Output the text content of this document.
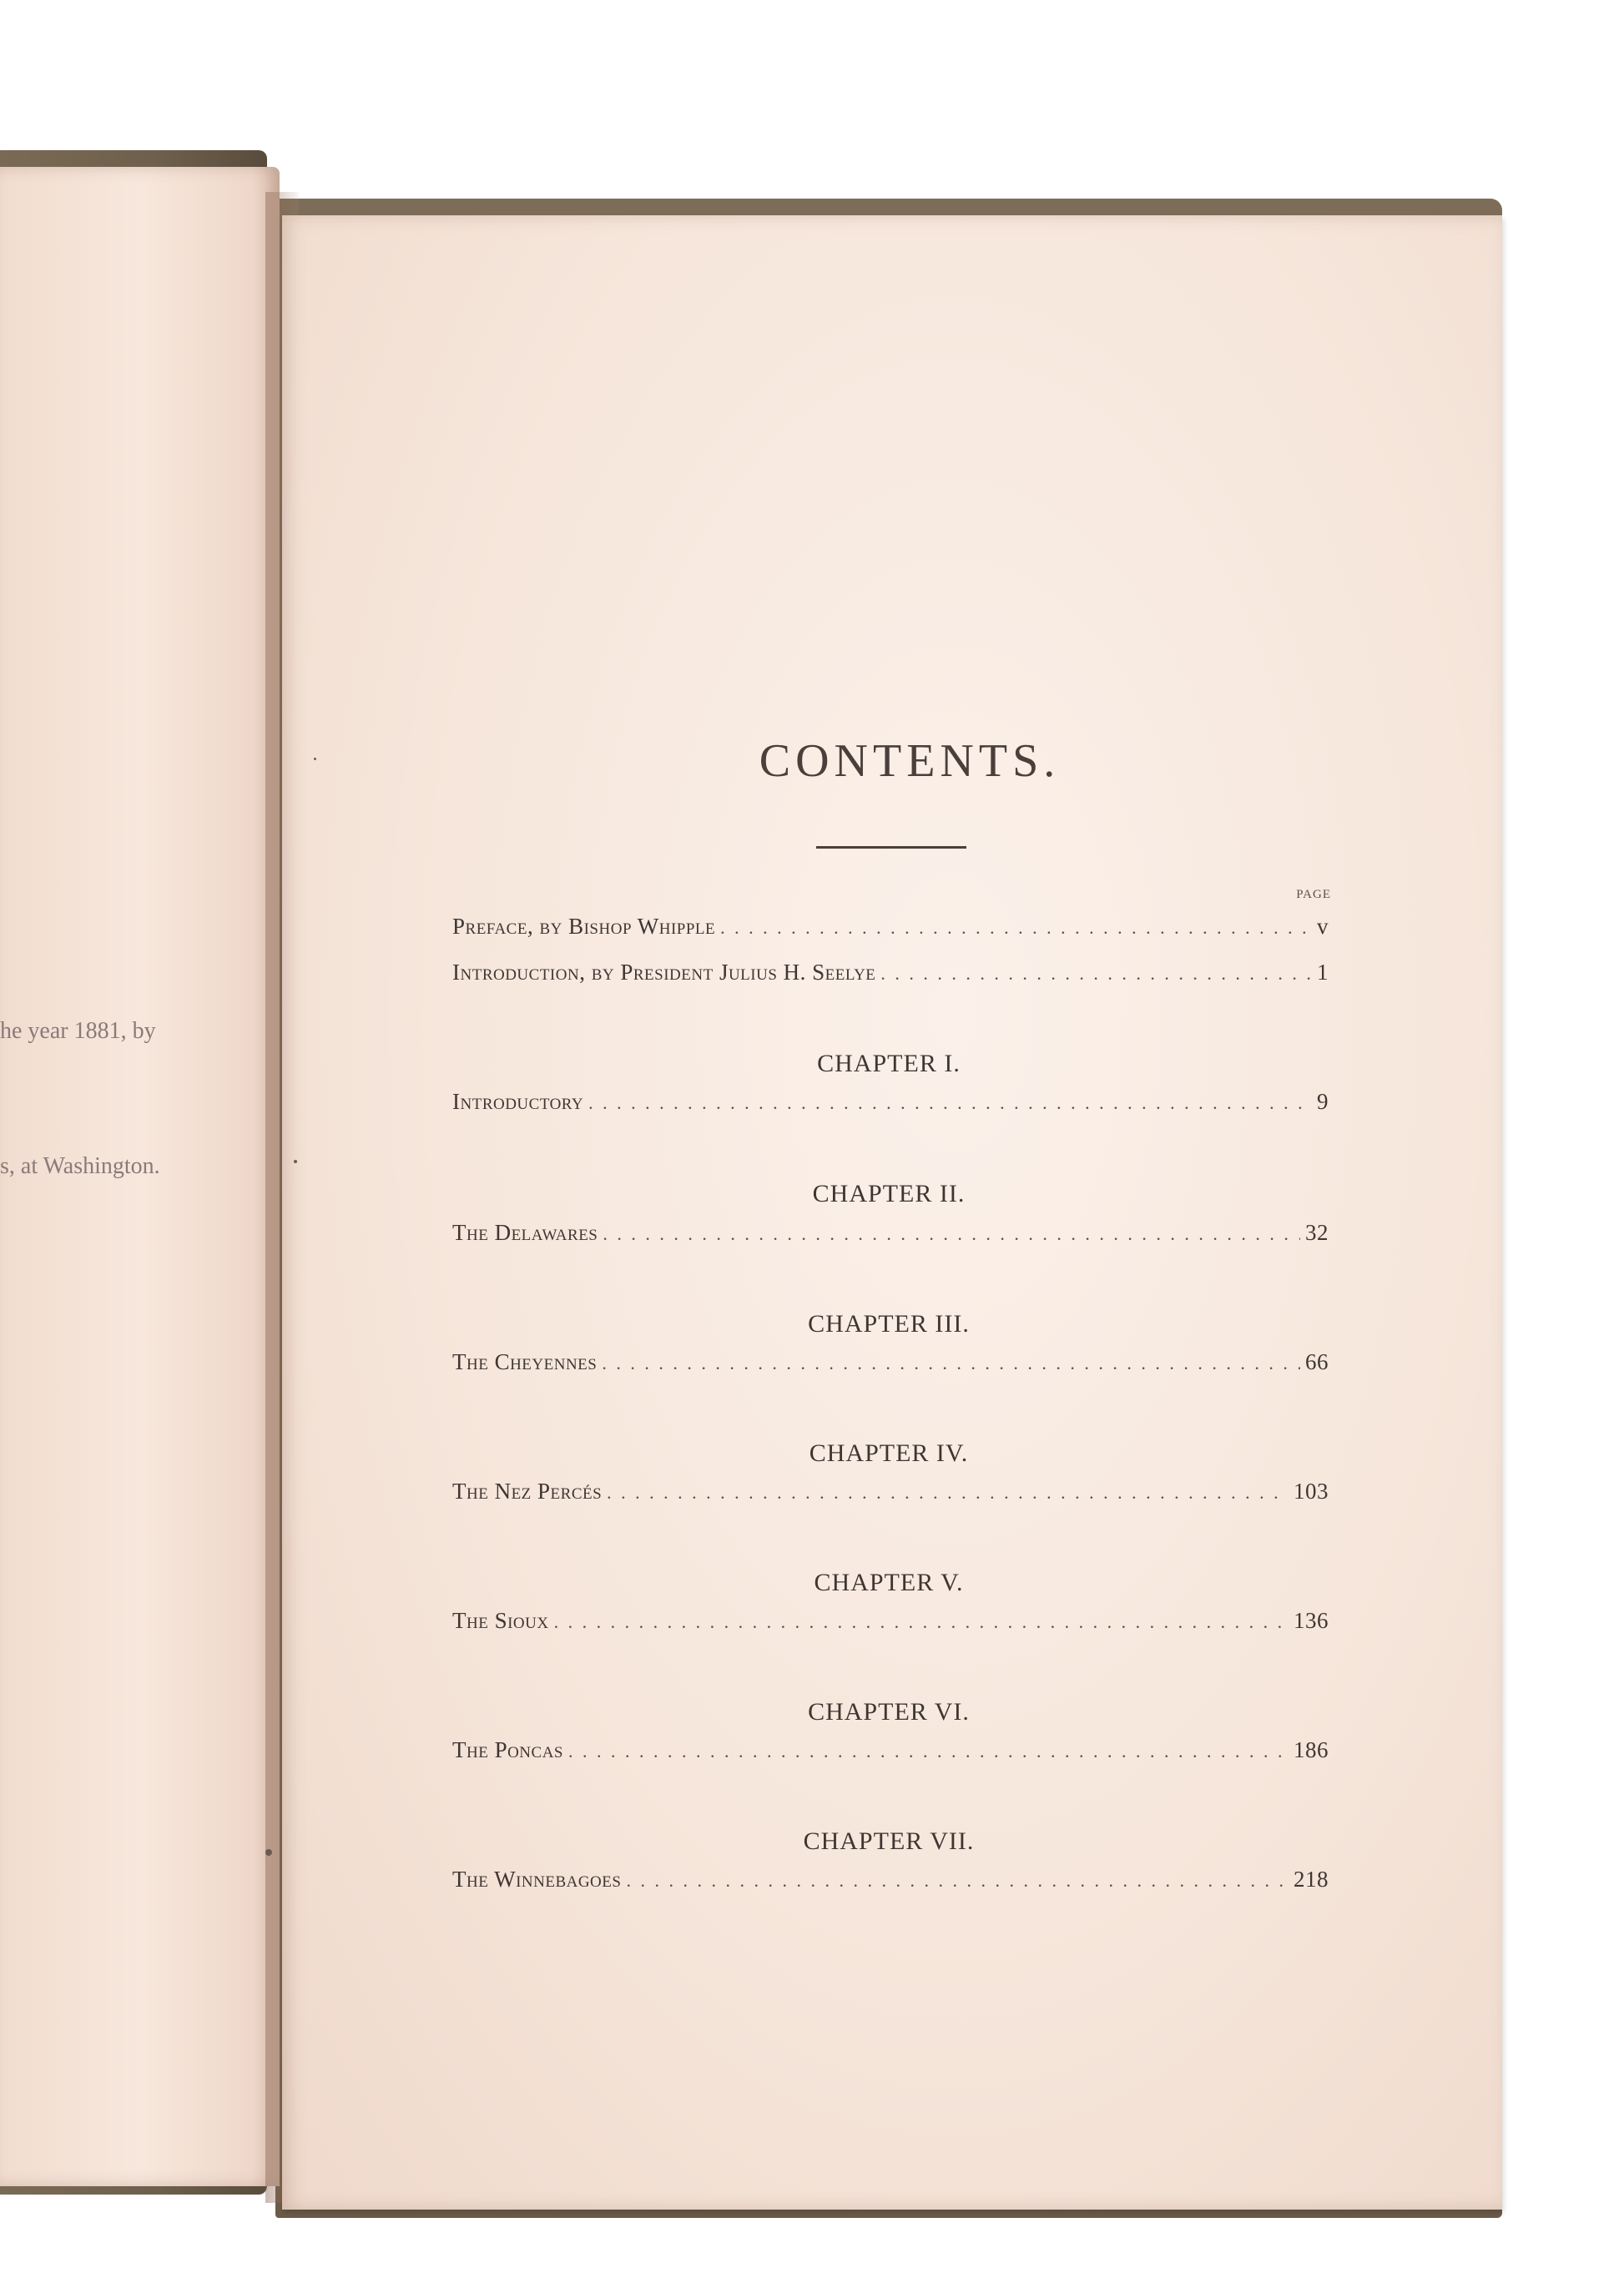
he year 1881, by
s, at Washington.
CONTENTS.
PAGE
Preface, by Bishop Whipple . . .	v
Introduction, by President Julius H. Seelye . . .	1
CHAPTER I.
Introductory . . .	9
CHAPTER II.
The Delawares . . .	32
CHAPTER III.
The Cheyennes . . .	66
CHAPTER IV.
The Nez Percés . . .	103
CHAPTER V.
The Sioux . . .	136
CHAPTER VI.
The Poncas . . .	186
CHAPTER VII.
The Winnebagoes . . .	218
